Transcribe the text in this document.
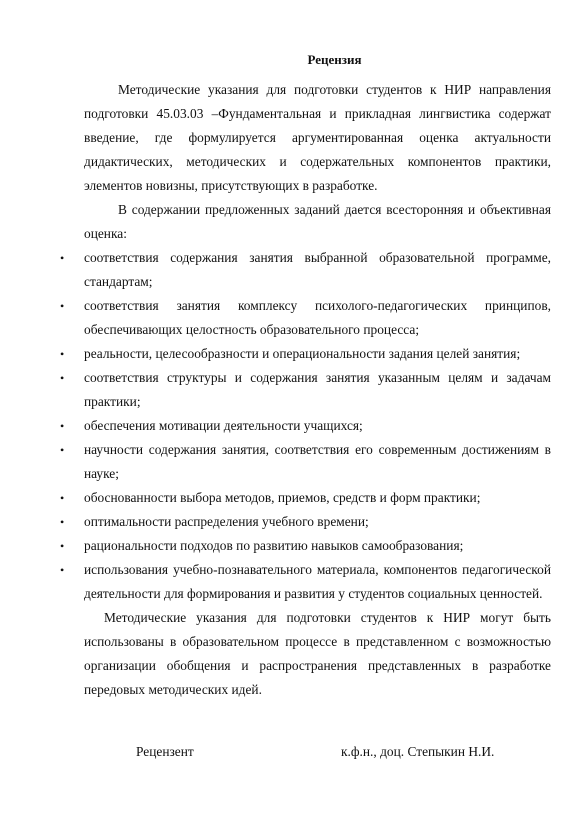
Рецензия

Методические указания для подготовки студентов к НИР направления подготовки 45.03.03 –Фундаментальная и прикладная лингвистика содержат введение, где формулируется аргументированная оценка актуальности дидактических, методических и содержательных компонентов практики, элементов новизны, присутствующих в разработке.

В содержании предложенных заданий дается всесторонняя и объективная оценка:

•	соответствия содержания занятия выбранной образовательной программе, стандартам;
•	соответствия занятия комплексу психолого-педагогических принципов, обеспечивающих целостность образовательного процесса;
•	реальности, целесообразности и операциональности задания целей занятия;
•	соответствия структуры и содержания занятия указанным целям и задачам практики;
•	обеспечения мотивации деятельности учащихся;
•	научности содержания занятия, соответствия его современным достижениям в науке;
•	обоснованности выбора методов, приемов, средств и форм практики;
•	оптимальности распределения учебного времени;
•	рациональности подходов по развитию навыков самообразования;
•	использования учебно-познавательного материала, компонентов педагогической деятельности для формирования и развития у студентов социальных ценностей.

Методические указания для подготовки студентов к НИР могут быть использованы в образовательном процессе в представленном с возможностью организации обобщения и распространения представленных в разработке передовых методических идей.

Рецензент	к.ф.н., доц. Степыкин Н.И.
